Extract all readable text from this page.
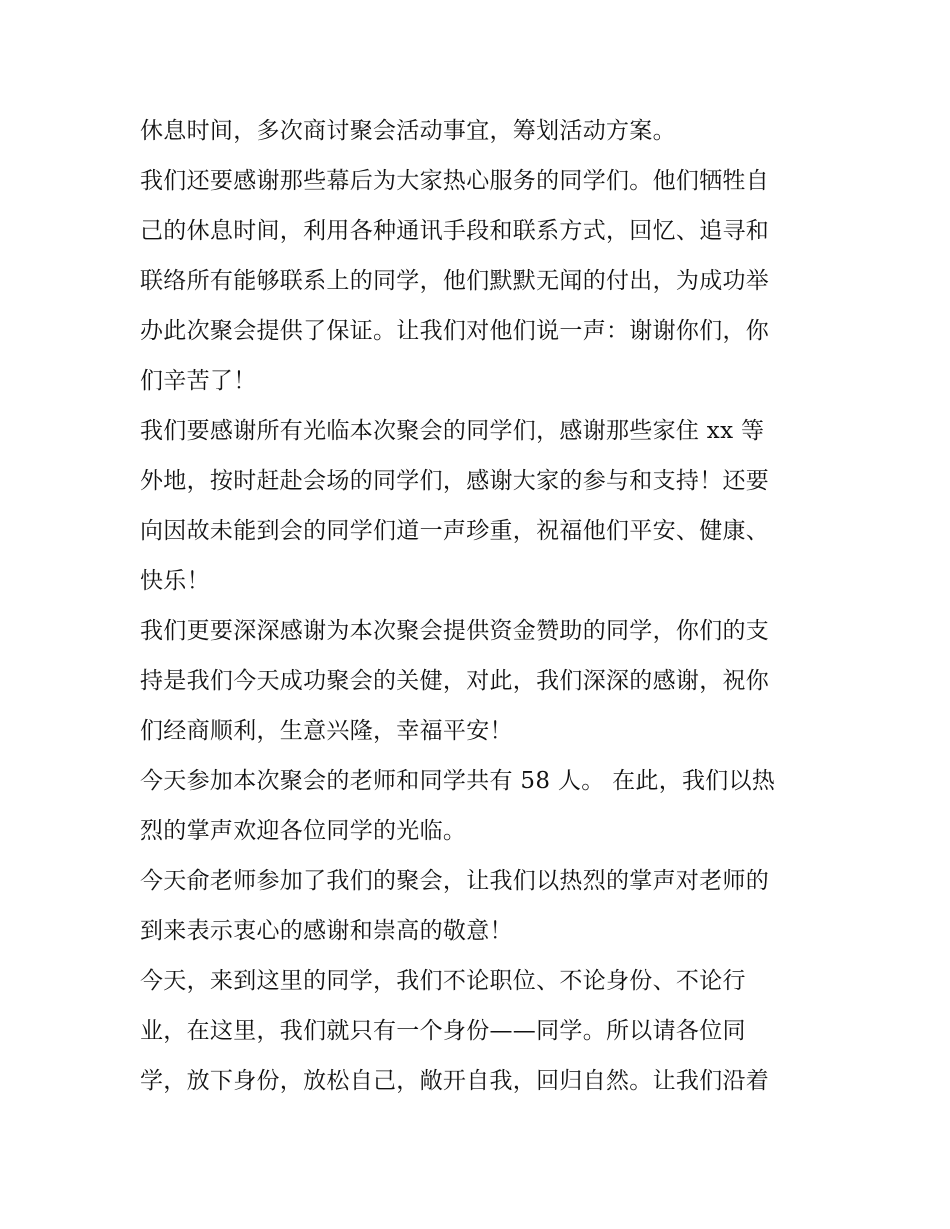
休息时间，多次商讨聚会活动事宜，筹划活动方案。
我们还要感谢那些幕后为大家热心服务的同学们。他们牺牲自
己的休息时间，利用各种通讯手段和联系方式，回忆、追寻和
联络所有能够联系上的同学，他们默默无闻的付出，为成功举
办此次聚会提供了保证。让我们对他们说一声：谢谢你们，你
们辛苦了！
我们要感谢所有光临本次聚会的同学们，感谢那些家住 xx 等
外地，按时赶赴会场的同学们，感谢大家的参与和支持！还要
向因故未能到会的同学们道一声珍重，祝福他们平安、健康、
快乐！
我们更要深深感谢为本次聚会提供资金赞助的同学，你们的支
持是我们今天成功聚会的关健，对此，我们深深的感谢，祝你
们经商顺利，生意兴隆，幸福平安！
今天参加本次聚会的老师和同学共有 58 人。 在此，我们以热
烈的掌声欢迎各位同学的光临。
今天俞老师参加了我们的聚会，让我们以热烈的掌声对老师的
到来表示衷心的感谢和崇高的敬意！
今天，来到这里的同学，我们不论职位、不论身份、不论行
业，在这里，我们就只有一个身份——同学。所以请各位同
学，放下身份，放松自己，敞开自我，回归自然。让我们沿着
